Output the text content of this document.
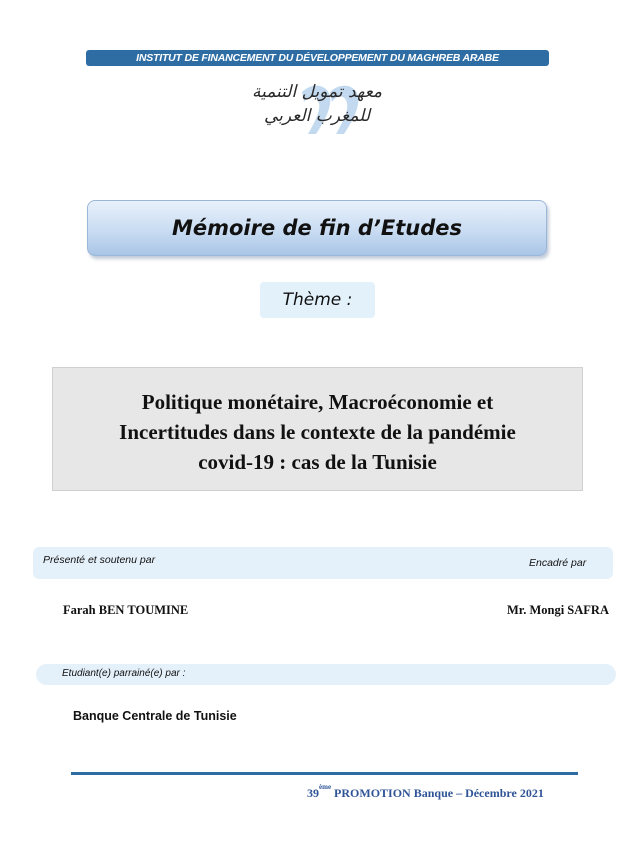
INSTITUT DE FINANCEMENT DU DÉVELOPPEMENT DU MAGHREB ARABE
معهد تمويل التنمية
للمغرب العربي
Mémoire de fin d’Etudes
Thème :
Politique monétaire, Macroéconomie et
Incertitudes dans le contexte de la pandémie
covid-19 : cas de la Tunisie
Présenté et soutenu par	Encadré par
Farah BEN TOUMINE	Mr. Mongi SAFRA
Etudiant(e) parrainé(e) par :
Banque Centrale de Tunisie
39ème PROMOTION Banque – Décembre 2021
